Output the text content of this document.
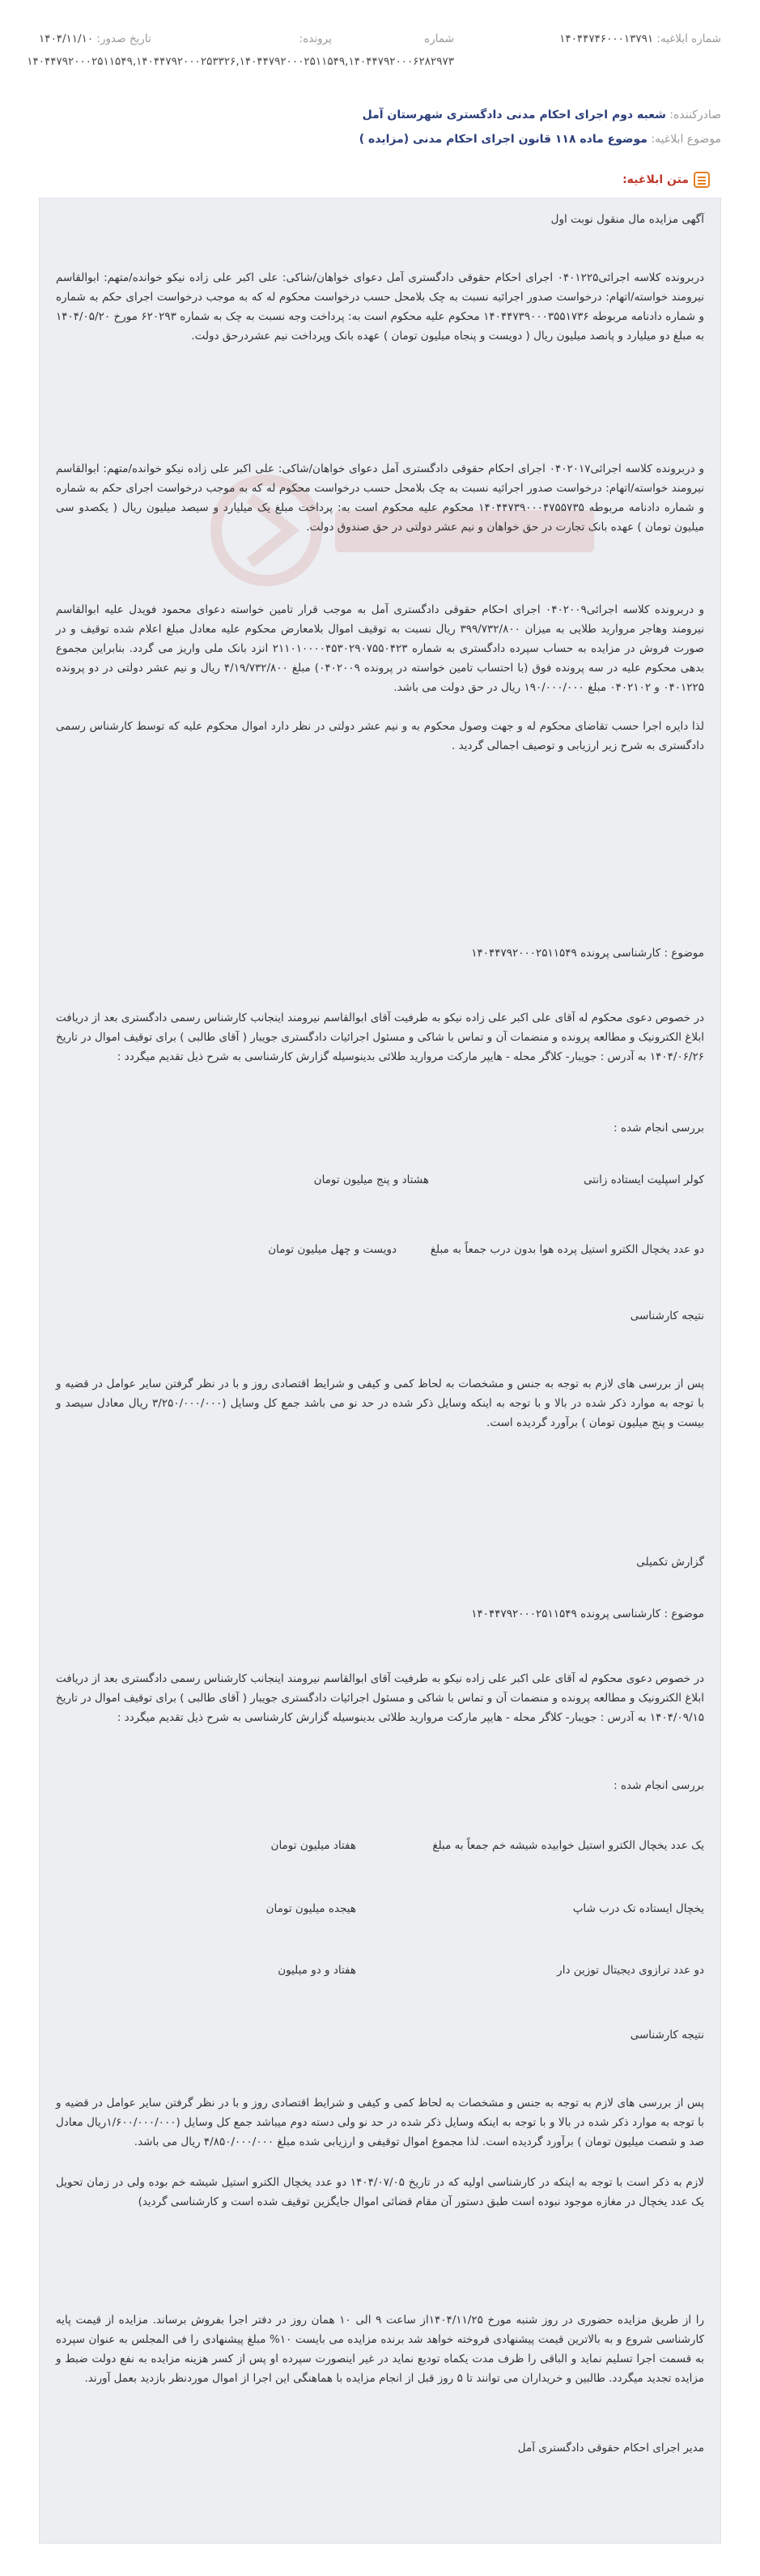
شماره ابلاغیه: ۱۴۰۴۴۷۴۶۰۰۰۱۳۷۹۱
شماره پرونده:
تاریخ صدور: ۱۴۰۴/۱۱/۱۰
۱۴۰۴۴۷۹۲۰۰۰۲۵۱۱۵۴۹,۱۴۰۴۴۷۹۲۰۰۰۲۵۳۳۲۶,۱۴۰۴۴۷۹۲۰۰۰۲۵۱۱۵۴۹,۱۴۰۴۴۷۹۲۰۰۰۶۲۸۲۹۷۳
صادرکننده: شعبه دوم اجرای احکام مدنی دادگستری شهرستان آمل
موضوع ابلاغیه: موضوع ماده ۱۱۸ قانون اجرای احکام مدنی (مزایده )
متن ابلاغیه:
آگهی مزایده مال منقول نوبت اول
دربرونده کلاسه اجرائی۰۴۰۱۲۲۵ اجرای احکام حقوقی دادگستری آمل دعوای خواهان/شاکی: علی اکبر علی زاده نیکو خوانده/متهم: ابوالقاسم نیرومند خواسته/اتهام: درخواست صدور اجرائیه نسبت به چک بلامحل حسب درخواست محکوم له که به موجب درخواست اجرای حکم به شماره و شماره دادنامه مربوطه ۱۴۰۴۴۷۳۹۰۰۰۳۵۵۱۷۳۶ محکوم علیه محکوم است به: پرداخت وجه نسبت به چک به شماره ۶۲۰۲۹۳ مورخ ۱۴۰۴/۰۵/۲۰ به مبلغ دو میلیارد و پانصد میلیون ریال ( دویست و پنجاه میلیون تومان ) عهده بانک وپرداخت نیم عشردرحق دولت.
و دربرونده کلاسه اجرائی۰۴۰۲۰۱۷ اجرای احکام حقوقی دادگستری آمل دعوای خواهان/شاکی: علی اکبر علی زاده نیکو خوانده/متهم: ابوالقاسم نیرومند خواسته/اتهام: درخواست صدور اجرائیه نسبت به چک بلامحل حسب درخواست محکوم له که به موجب درخواست اجرای حکم به شماره و شماره دادنامه مربوطه ۱۴۰۴۴۷۳۹۰۰۰۴۷۵۵۷۳۵ محکوم علیه محکوم است به: پرداخت مبلغ یک میلیارد و سیصد میلیون ریال ( یکصدو سی میلیون تومان ) عهده بانک تجارت در حق خواهان و نیم عشر دولتی در حق صندوق دولت.
و دربرونده کلاسه اجرائی۰۴۰۲۰۰۹ اجرای احکام حقوقی دادگستری آمل به موجب قرار تامین خواسته دعوای محمود فویدل علیه ابوالقاسم نیرومند وهاجر مرواريد طلایی به ميزان ۳۹۹/۷۳۲/۸۰۰ ریال نسبت به توقیف اموال بلامعارض محکوم علیه معادل مبلغ اعلام شده توقیف و در صورت فروش در مزایده به حساب سپرده دادگستری به شماره ۲۱۱۰۱۰۰۰۰۴۵۳۰۲۹۰۷۵۵۰۴۲۳ انزد بانک ملی واریز می گردد. بنابراین مجموع بدهی محکوم علیه در سه پرونده فوق (با احتساب تامین خواسته در پرونده ۰۴۰۲۰۰۹) مبلغ ۴/۱۹/۷۳۲/۸۰۰ ریال و نیم عشر دولتی در دو پرونده ۰۴۰۱۲۲۵ و ۰۴۰۲۱۰۲ مبلغ ۱۹۰/۰۰۰/۰۰۰ ریال در حق دولت می باشد.
لذا دایره اجرا حسب تقاضای محکوم له و جهت وصول محکوم به و نیم عشر دولتی در نظر دارد اموال محکوم علیه که توسط کارشناس رسمی دادگستری به شرح زیر ارزیابی و توصیف اجمالی گردید .
موضوع : کارشناسی پرونده ۱۴۰۴۴۷۹۲۰۰۰۲۵۱۱۵۴۹
در خصوص دعوی محکوم له آقای علی اکبر علی زاده نیکو به طرفیت آقای ابوالقاسم نیرومند اینجانب کارشناس رسمی دادگستری بعد از دریافت ابلاغ الکترونیک و مطالعه پرونده و منضمات آن و تماس با شاکی و مسئول اجرائیات دادگستری جویبار ( آقای طالبی ) برای توقیف اموال در تاریخ ۱۴۰۴/۰۶/۲۶ به آدرس : جویبار- کلاگر محله - هایپر مارکت مروارید طلائی بدینوسیله گزارش کارشناسی به شرح ذیل تقدیم میگردد :
بررسی انجام شده :
کولر اسپلیت ایستاده زانتی
هشتاد و پنج میلیون تومان
دو عدد یخچال الکترو استیل پرده هوا بدون درب جمعاً به مبلغ
دویست و چهل میلیون تومان
نتیجه کارشناسی
پس از بررسی های لازم به توجه به جنس و مشخصات به لحاظ کمی و کیفی و شرایط اقتصادی روز و با در نظر گرفتن سایر عوامل در قضیه و با توجه به موارد ذکر شده در بالا و با توجه به اینکه وسایل ذکر شده در حد نو می باشد جمع کل وسایل (۳/۲۵۰/۰۰۰/۰۰۰ ریال معادل سیصد و بیست و پنج میلیون تومان ) برآورد گردیده است.
گزارش تکمیلی
موضوع : کارشناسی پرونده ۱۴۰۴۴۷۹۲۰۰۰۲۵۱۱۵۴۹
در خصوص دعوی محکوم له آقای علی اکبر علی زاده نیکو به طرفیت آقای ابوالقاسم نیرومند اینجانب کارشناس رسمی دادگستری بعد از دریافت ابلاغ الکترونیک و مطالعه پرونده و منضمات آن و تماس با شاکی و مسئول اجرائیات دادگستری جویبار ( آقای طالبی ) برای توقیف اموال در تاریخ ۱۴۰۴/۰۹/۱۵ به آدرس : جویبار- کلاگر محله - هایپر مارکت مروارید طلائی بدینوسیله گزارش کارشناسی به شرح ذیل تقدیم میگردد :
بررسی انجام شده :
یک عدد یخچال الکترو استیل خوابیده شیشه خم جمعاً به مبلغ
هفتاد میلیون تومان
یخچال ایستاده تک درب شاپ
هیجده میلیون تومان
دو عدد ترازوی دیجیتال توزین دار
هفتاد و دو میلیون
نتیجه کارشناسی
پس از بررسی های لازم به توجه به جنس و مشخصات به لحاظ کمی و کیفی و شرایط اقتصادی روز و با در نظر گرفتن سایر عوامل در قضیه و با توجه به موارد ذکر شده در بالا و با توجه به اینکه وسایل ذکر شده در حد نو ولی دسته دوم میباشد جمع کل وسایل (۱/۶۰۰/۰۰۰/۰۰۰ریال معادل صد و شصت میلیون تومان ) برآورد گردیده است. لذا مجموع اموال توقیفی و ارزیابی شده مبلغ ۴/۸۵۰/۰۰۰/۰۰۰ ریال می باشد.
لازم به ذکر است با توجه به اینکه در کارشناسی اولیه که در تاریخ ۱۴۰۴/۰۷/۰۵ دو عدد یخچال الکترو استیل شیشه خم بوده ولی در زمان تحویل یک عدد یخچال در مغازه موجود نبوده است طبق دستور آن مقام قضائی اموال جایگزین توقیف شده است و کارشناسی گردید)
را از طریق مزایده حضوری در روز شنبه مورخ ۱۴۰۴/۱۱/۲۵از ساعت ۹ الی ۱۰ همان روز در دفتر اجرا بفروش برساند. مزایده از قیمت پایه کارشناسی شروع و به بالاترین قیمت پیشنهادی فروخته خواهد شد برنده مزایده می بایست ۱۰% مبلغ پیشنهادی را فی المجلس به عنوان سپرده به قسمت اجرا تسلیم نماید و الباقی را ظرف مدت یکماه تودیع نماید در غیر اینصورت سپرده او پس از کسر هزینه مزایده به نفع دولت ضبط و مزایده تجدید میگردد. طالبین و خریداران می توانند تا ۵ روز قبل از انجام مزایده با هماهنگی این اجرا از اموال موردنظر بازدید بعمل آورند.
مدیر اجرای احکام حقوقی دادگستری آمل
